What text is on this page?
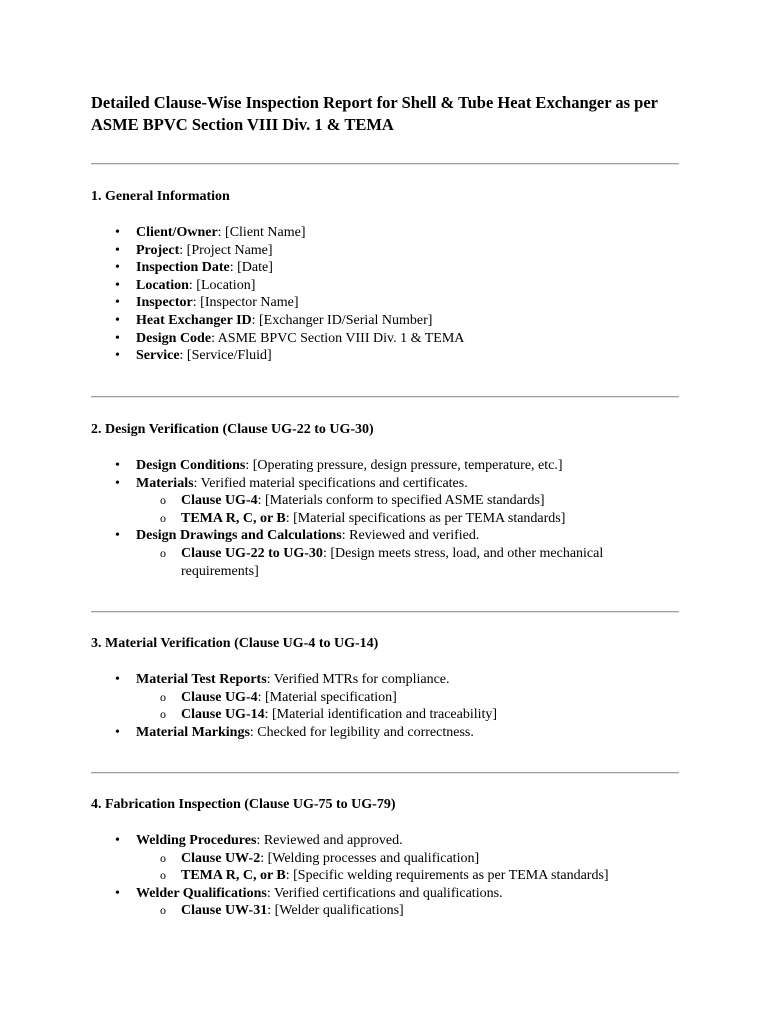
Detailed Clause-Wise Inspection Report for Shell & Tube Heat Exchanger as per ASME BPVC Section VIII Div. 1 & TEMA
1. General Information
• Client/Owner: [Client Name]
• Project: [Project Name]
• Inspection Date: [Date]
• Location: [Location]
• Inspector: [Inspector Name]
• Heat Exchanger ID: [Exchanger ID/Serial Number]
• Design Code: ASME BPVC Section VIII Div. 1 & TEMA
• Service: [Service/Fluid]
2. Design Verification (Clause UG-22 to UG-30)
• Design Conditions: [Operating pressure, design pressure, temperature, etc.]
• Materials: Verified material specifications and certificates.
o Clause UG-4: [Materials conform to specified ASME standards]
o TEMA R, C, or B: [Material specifications as per TEMA standards]
• Design Drawings and Calculations: Reviewed and verified.
o Clause UG-22 to UG-30: [Design meets stress, load, and other mechanical requirements]
3. Material Verification (Clause UG-4 to UG-14)
• Material Test Reports: Verified MTRs for compliance.
o Clause UG-4: [Material specification]
o Clause UG-14: [Material identification and traceability]
• Material Markings: Checked for legibility and correctness.
4. Fabrication Inspection (Clause UG-75 to UG-79)
• Welding Procedures: Reviewed and approved.
o Clause UW-2: [Welding processes and qualification]
o TEMA R, C, or B: [Specific welding requirements as per TEMA standards]
• Welder Qualifications: Verified certifications and qualifications.
o Clause UW-31: [Welder qualifications]
